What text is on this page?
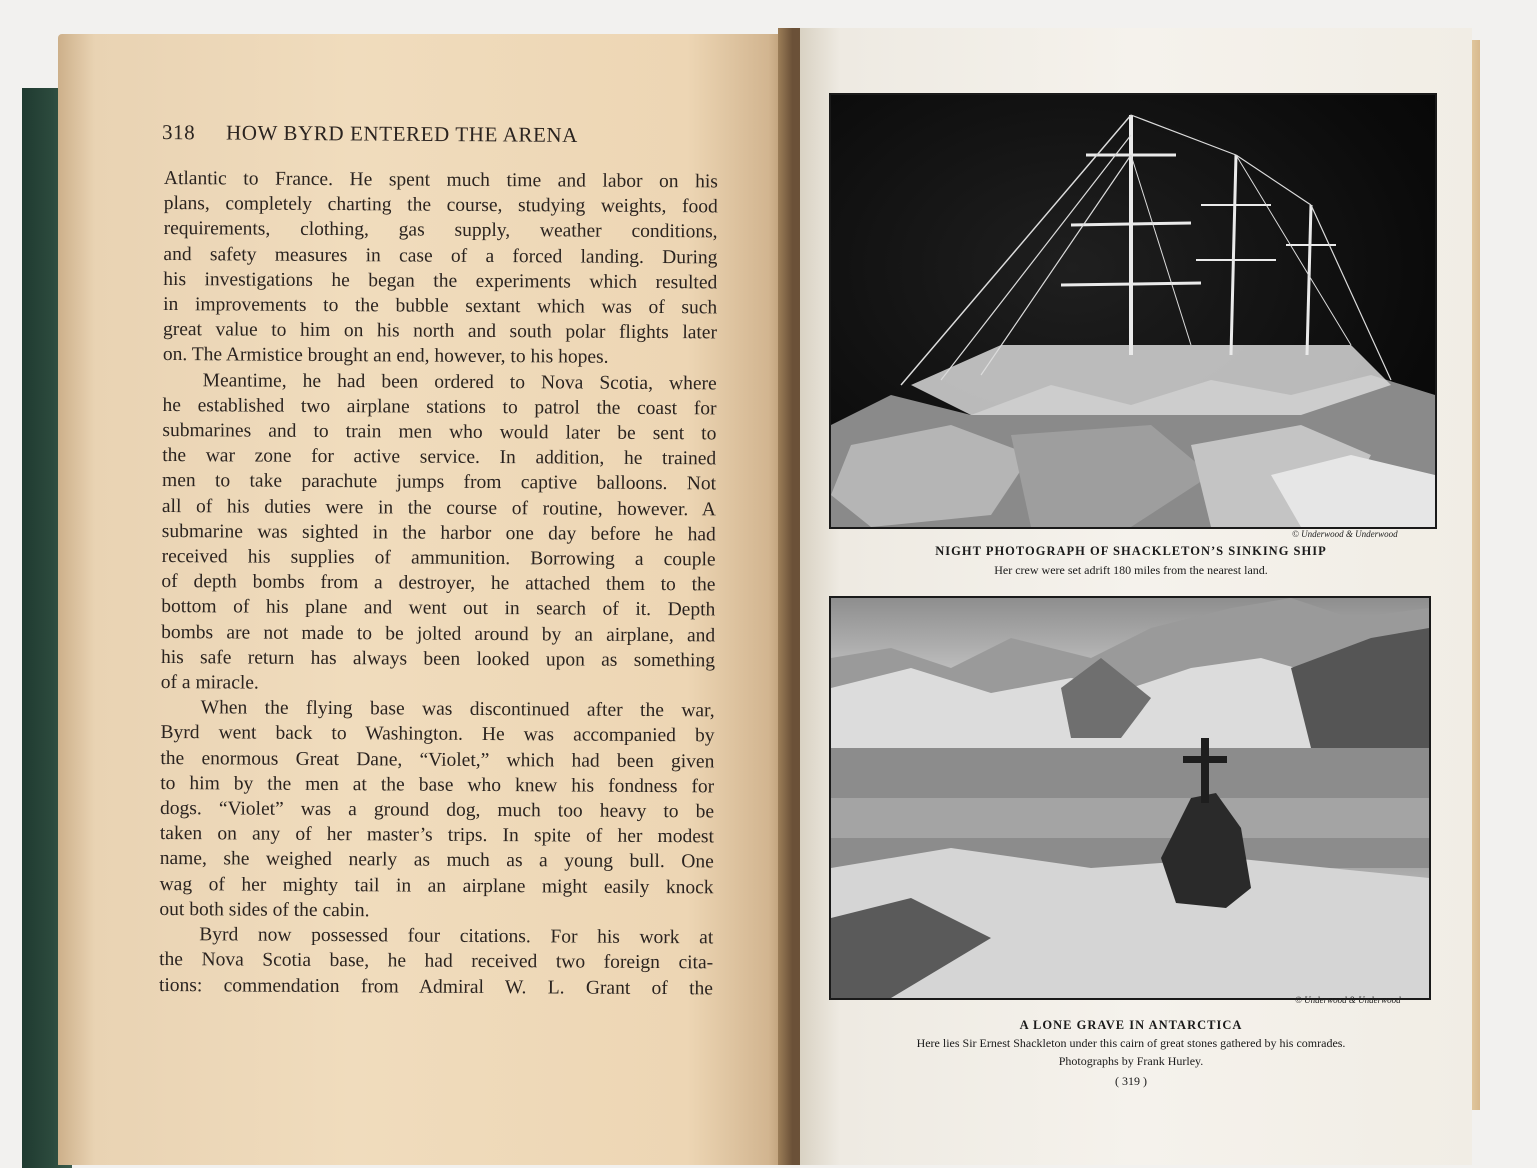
318 HOW BYRD ENTERED THE ARENA
Atlantic to France. He spent much time and labor on his
plans, completely charting the course, studying weights, food
requirements, clothing, gas supply, weather conditions,
and safety measures in case of a forced landing. During
his investigations he began the experiments which resulted
in improvements to the bubble sextant which was of such
great value to him on his north and south polar flights later
on. The Armistice brought an end, however, to his hopes.
Meantime, he had been ordered to Nova Scotia, where
he established two airplane stations to patrol the coast for
submarines and to train men who would later be sent to
the war zone for active service. In addition, he trained
men to take parachute jumps from captive balloons. Not
all of his duties were in the course of routine, however. A
submarine was sighted in the harbor one day before he had
received his supplies of ammunition. Borrowing a couple
of depth bombs from a destroyer, he attached them to the
bottom of his plane and went out in search of it. Depth
bombs are not made to be jolted around by an airplane, and
his safe return has always been looked upon as something
of a miracle.
When the flying base was discontinued after the war,
Byrd went back to Washington. He was accompanied by
the enormous Great Dane, “Violet,” which had been given
to him by the men at the base who knew his fondness for
dogs. “Violet” was a ground dog, much too heavy to be
taken on any of her master’s trips. In spite of her modest
name, she weighed nearly as much as a young bull. One
wag of her mighty tail in an airplane might easily knock
out both sides of the cabin.
Byrd now possessed four citations. For his work at
the Nova Scotia base, he had received two foreign cita-
tions: commendation from Admiral W. L. Grant of the
© Underwood & Underwood
NIGHT PHOTOGRAPH OF SHACKLETON’S SINKING SHIP
Her crew were set adrift 180 miles from the nearest land.
© Underwood & Underwood
A LONE GRAVE IN ANTARCTICA
Here lies Sir Ernest Shackleton under this cairn of great stones gathered by his comrades.
Photographs by Frank Hurley.
( 319 )
